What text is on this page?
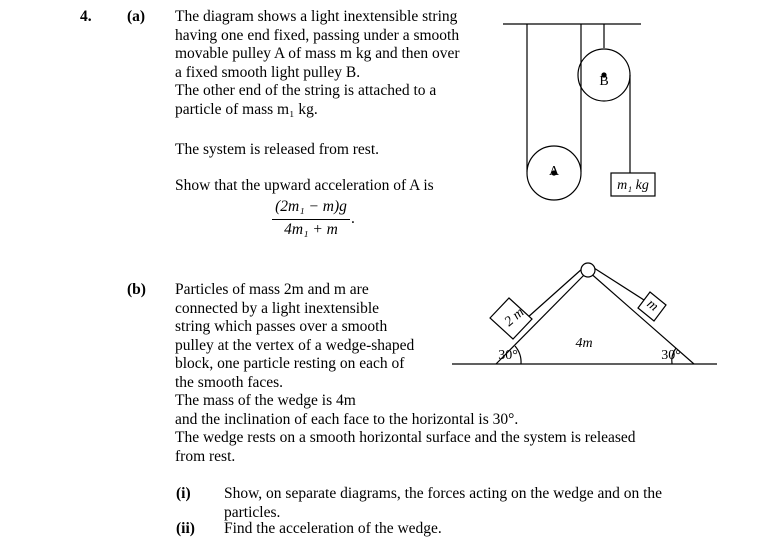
4. (a) The diagram shows a light inextensible string
having one end fixed, passing under a smooth
movable pulley A of mass m kg and then over
a fixed smooth light pulley B.
The other end of the string is attached to a
particle of mass m₁ kg.
The system is released from rest.
Show that the upward acceleration of A is
(2m₁ − m)g
4m₁ + m
.
(b) Particles of mass 2m and m are
connected by a light inextensible
string which passes over a smooth
pulley at the vertex of a wedge-shaped
block, one particle resting on each of
the smooth faces.
The mass of the wedge is 4m
and the inclination of each face to the horizontal is 30°.
The wedge rests on a smooth horizontal surface and the system is released
from rest.
(i) Show, on separate diagrams, the forces acting on the wedge and on the
particles.
(ii) Find the acceleration of the wedge.
B
A
m₁ kg
2 m	m
4m
30°	30°
